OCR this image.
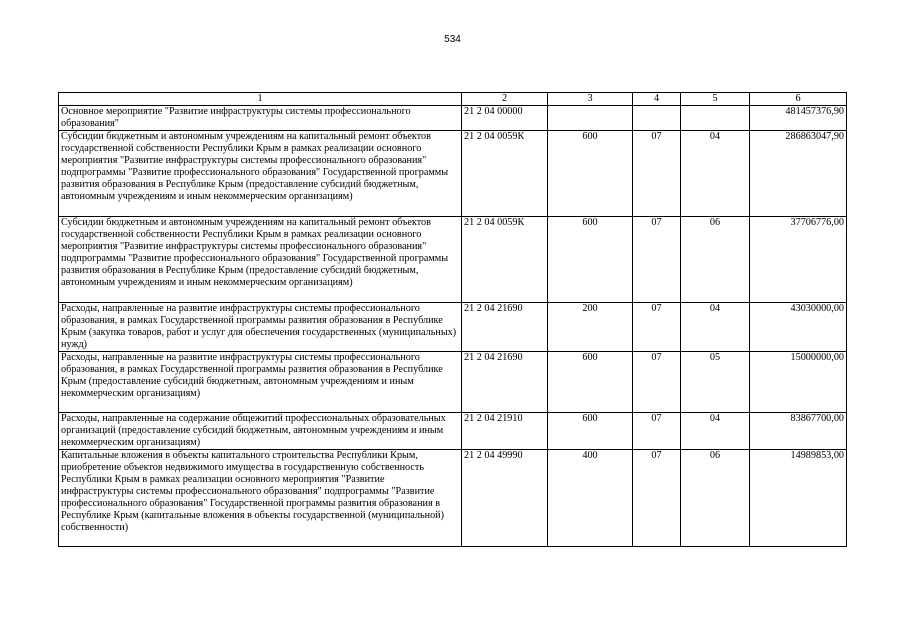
534
1	2	3	4	5	6
Основное мероприятие "Развитие инфраструктуры системы профессионального образования"	21 2 04 00000				481457376,90
Субсидии бюджетным и автономным учреждениям на капитальный ремонт объектов государственной собственности Республики Крым в рамках реализации основного мероприятия "Развитие инфраструктуры системы профессионального образования" подпрограммы "Развитие профессионального образования" Государственной программы развития образования в Республике Крым (предоставление субсидий бюджетным, автономным учреждениям и иным некоммерческим организациям)	21 2 04 0059К	600	07	04	286863047,90
Субсидии бюджетным и автономным учреждениям на капитальный ремонт объектов государственной собственности Республики Крым в рамках реализации основного мероприятия "Развитие инфраструктуры системы профессионального образования" подпрограммы "Развитие профессионального образования" Государственной программы развития образования в Республике Крым (предоставление субсидий бюджетным, автономным учреждениям и иным некоммерческим организациям)	21 2 04 0059К	600	07	06	37706776,00
Расходы, направленные на развитие инфраструктуры системы профессионального образования, в рамках Государственной программы развития образования в Республике Крым (закупка товаров, работ и услуг для обеспечения государственных (муниципальных) нужд)	21 2 04 21690	200	07	04	43030000,00
Расходы, направленные на развитие инфраструктуры системы профессионального образования, в рамках Государственной программы развития образования в Республике Крым (предоставление субсидий бюджетным, автономным учреждениям и иным некоммерческим организациям)	21 2 04 21690	600	07	05	15000000,00
Расходы, направленные на содержание общежитий профессиональных образовательных организаций (предоставление субсидий бюджетным, автономным учреждениям и иным некоммерческим организациям)	21 2 04 21910	600	07	04	83867700,00
Капитальные вложения в объекты капитального строительства Республики Крым, приобретение объектов недвижимого имущества в государственную собственность Республики Крым в рамках реализации основного мероприятия "Развитие инфраструктуры системы профессионального образования" подпрограммы "Развитие профессионального образования" Государственной программы развития образования в Республике Крым (капитальные вложения в объекты государственной (муниципальной) собственности)	21 2 04 49990	400	07	06	14989853,00
